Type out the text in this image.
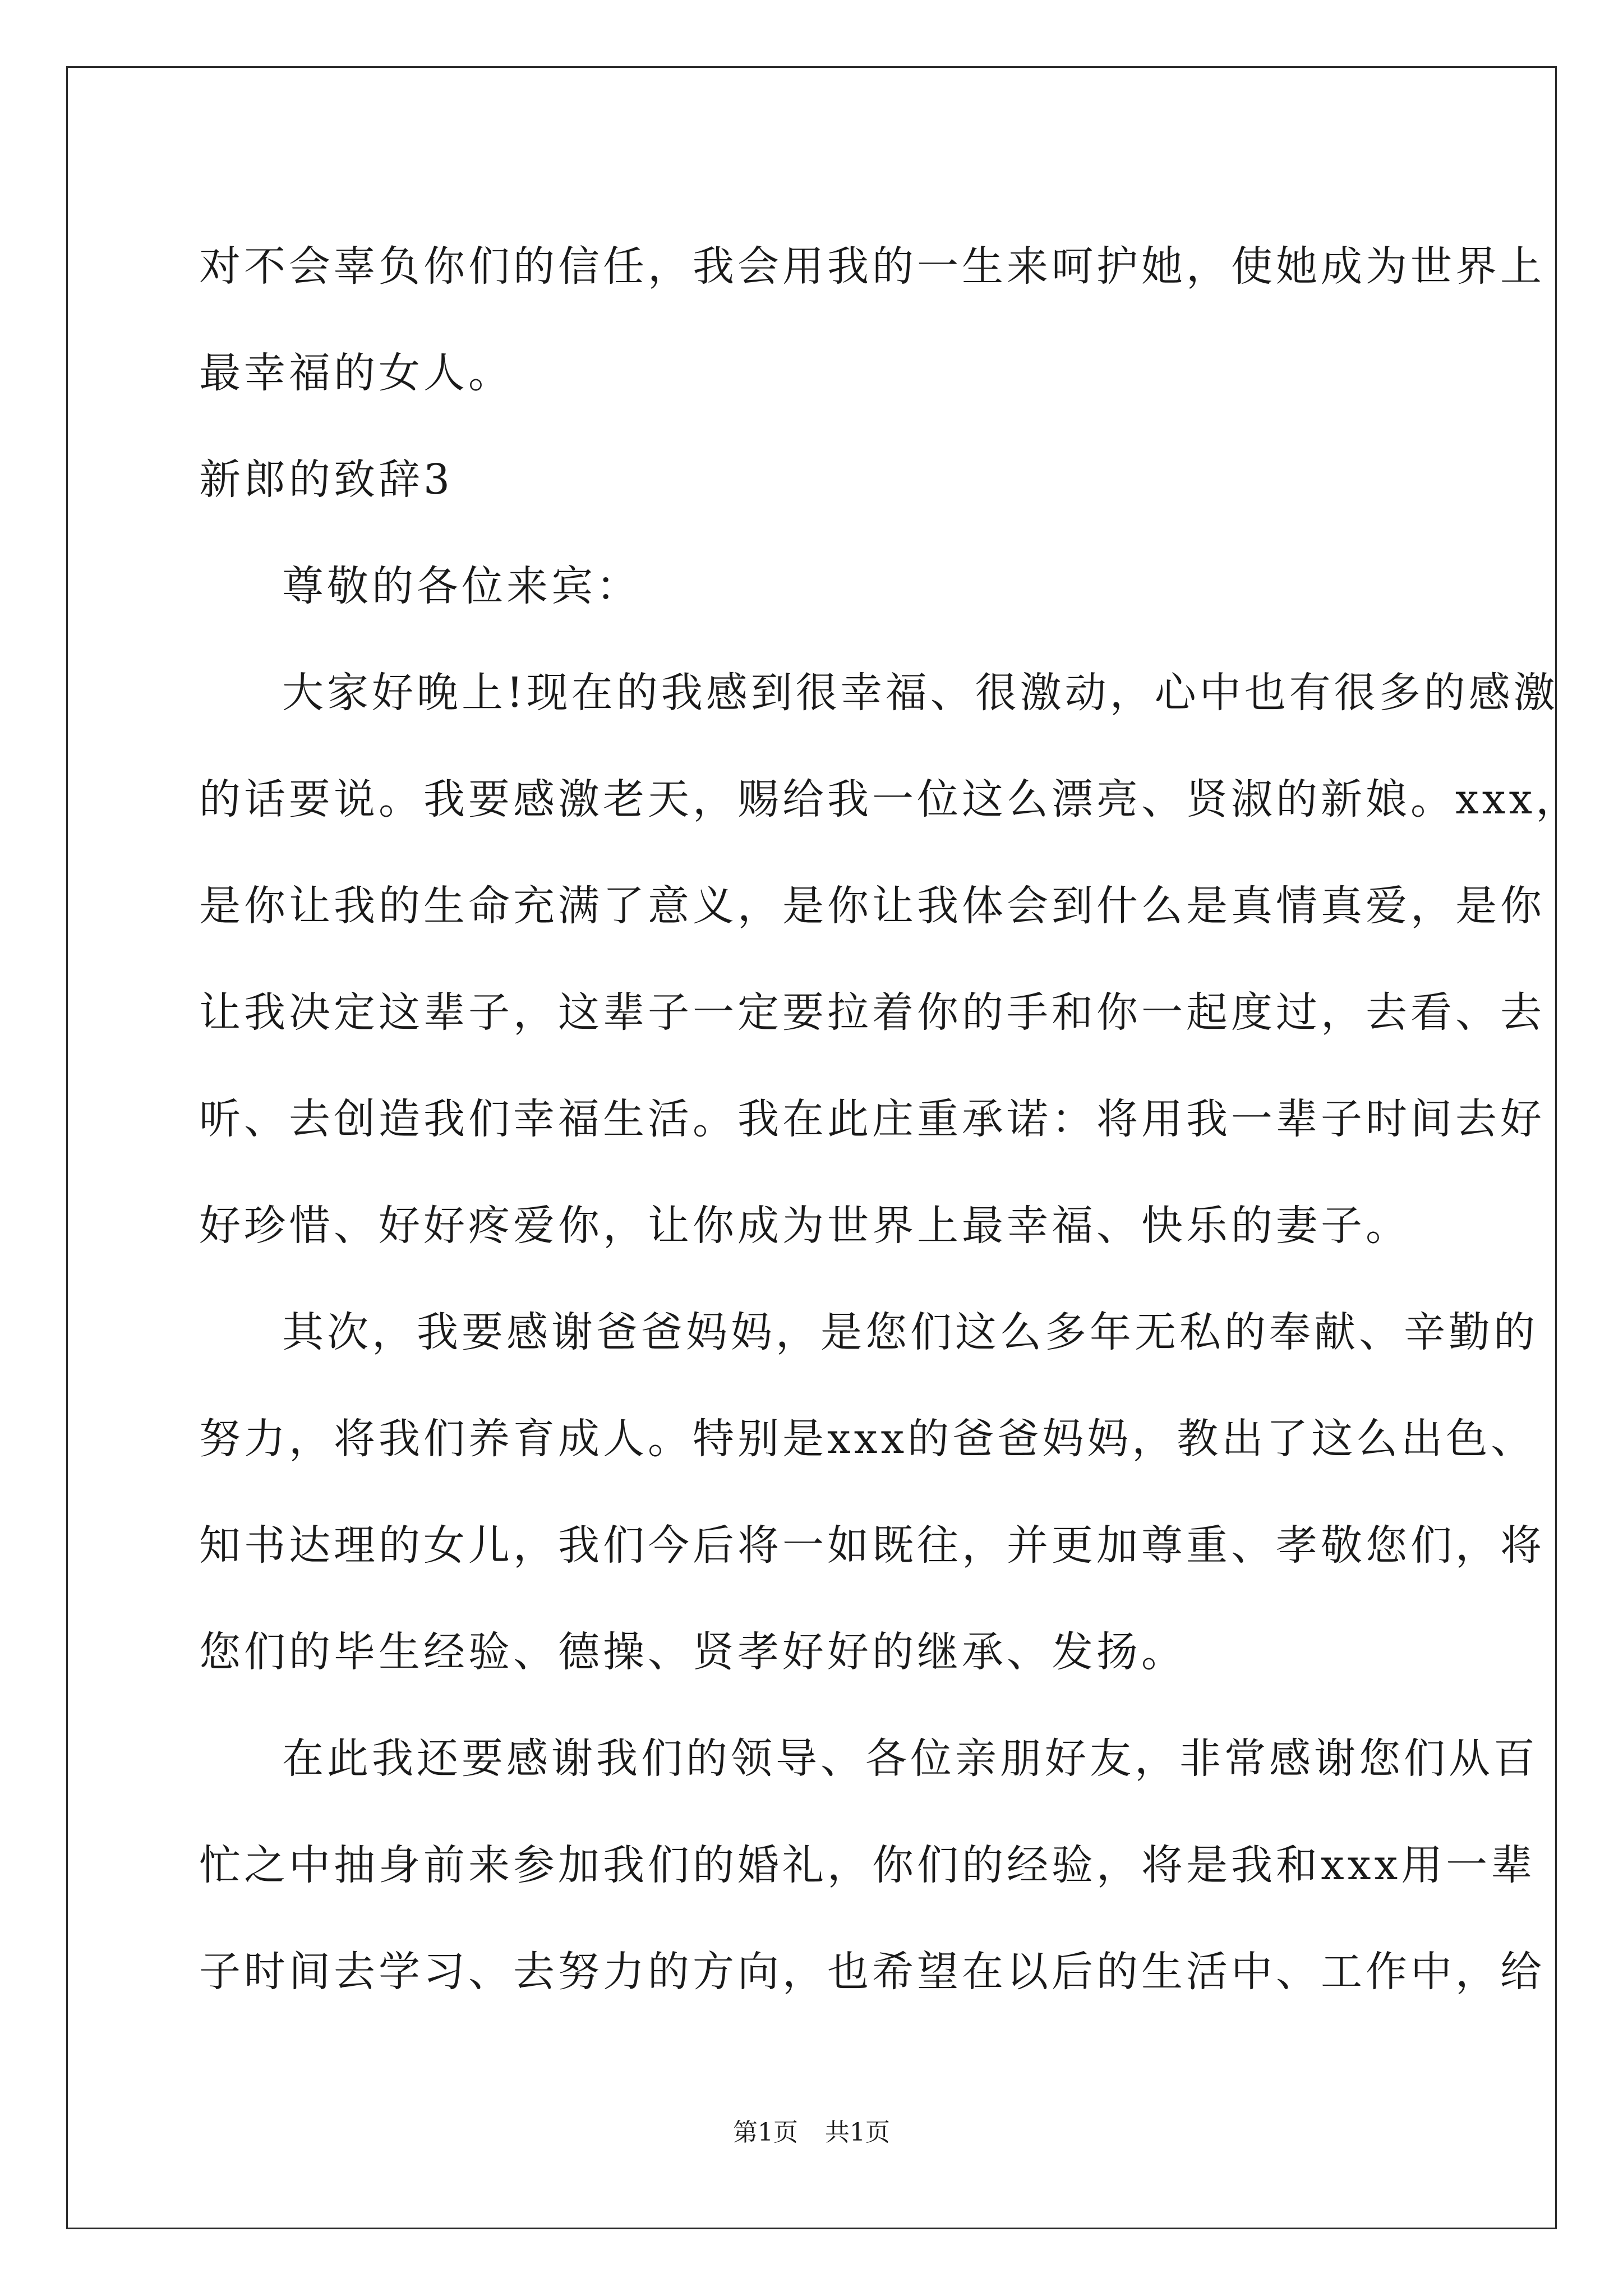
对不会辜负你们的信任，我会用我的一生来呵护她，使她成为世界上
最幸福的女人。
新郎的致辞3
尊敬的各位来宾：
大家好晚上!现在的我感到很幸福、很激动，心中也有很多的感激
的话要说。我要感激老天，赐给我一位这么漂亮、贤淑的新娘。xxx，
是你让我的生命充满了意义，是你让我体会到什么是真情真爱，是你
让我决定这辈子，这辈子一定要拉着你的手和你一起度过，去看、去
听、去创造我们幸福生活。我在此庄重承诺：将用我一辈子时间去好
好珍惜、好好疼爱你，让你成为世界上最幸福、快乐的妻子。
其次，我要感谢爸爸妈妈，是您们这么多年无私的奉献、辛勤的
努力，将我们养育成人。特别是xxx的爸爸妈妈，教出了这么出色、
知书达理的女儿，我们今后将一如既往，并更加尊重、孝敬您们，将
您们的毕生经验、德操、贤孝好好的继承、发扬。
在此我还要感谢我们的领导、各位亲朋好友，非常感谢您们从百
忙之中抽身前来参加我们的婚礼，你们的经验，将是我和xxx用一辈
子时间去学习、去努力的方向，也希望在以后的生活中、工作中，给
第1页 共1页
